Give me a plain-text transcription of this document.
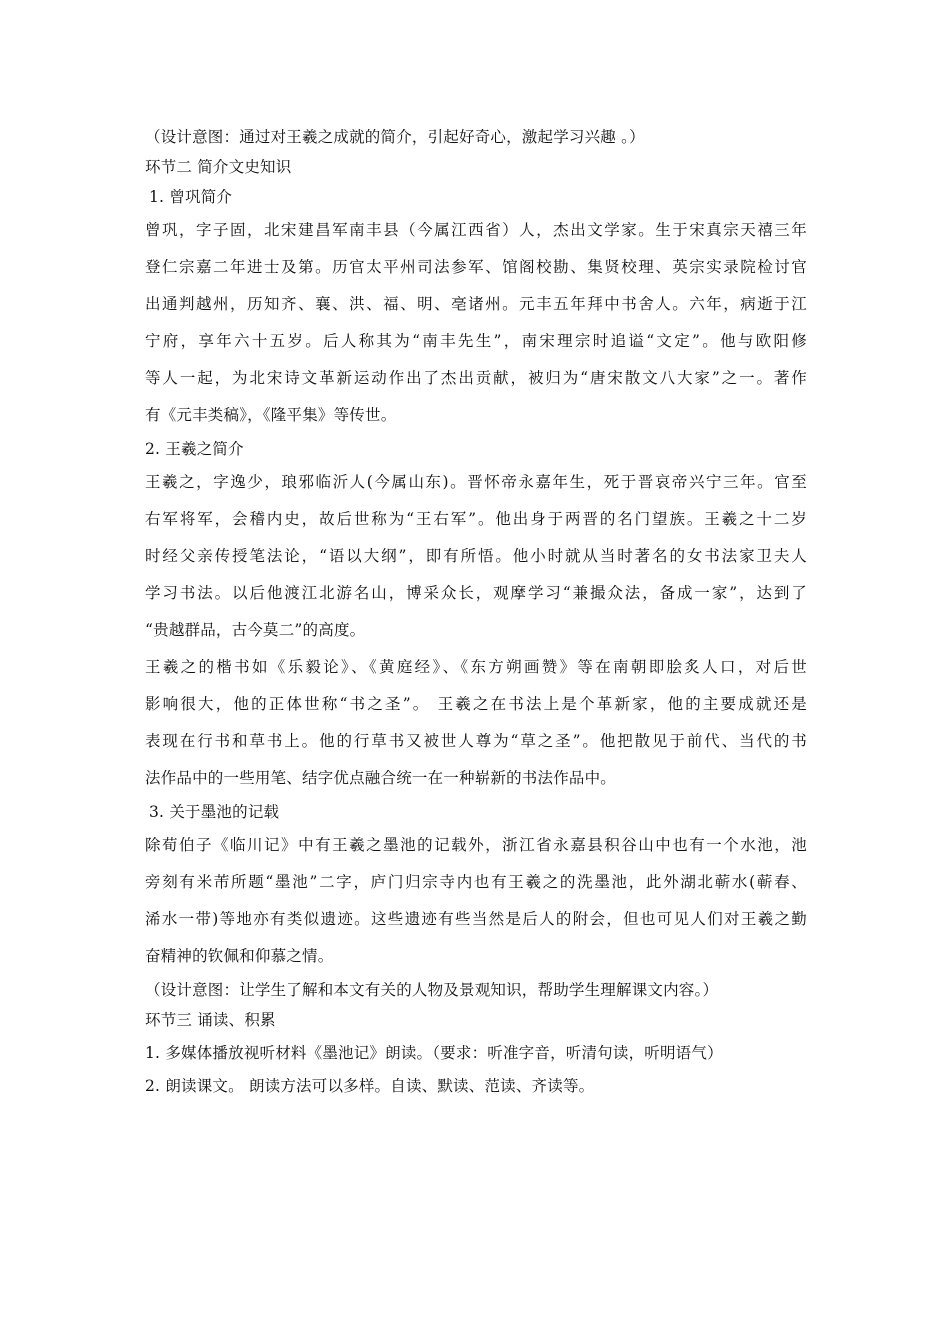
（设计意图：通过对王羲之成就的简介，引起好奇心，激起学习兴趣 。）
环节二 简介文史知识
1. 曾巩简介
曾巩，字子固，北宋建昌军南丰县（今属江西省）人，杰出文学家。生于宋真宗天禧三年
登仁宗嘉二年进士及第。历官太平州司法参军、馆阁校勘、集贤校理、英宗实录院检讨官
出通判越州，历知齐、襄、洪、福、明、亳诸州。元丰五年拜中书舍人。六年，病逝于江
宁府，享年六十五岁。后人称其为“南丰先生”，南宋理宗时追谥“文定”。他与欧阳修
等人一起，为北宋诗文革新运动作出了杰出贡献，被归为“唐宋散文八大家”之一。著作
有《元丰类稿》，《隆平集》等传世。
2. 王羲之简介
王羲之，字逸少，琅邪临沂人(今属山东)。晋怀帝永嘉年生，死于晋哀帝兴宁三年。官至
右军将军，会稽内史，故后世称为“王右军”。他出身于两晋的名门望族。王羲之十二岁
时经父亲传授笔法论，“语以大纲”，即有所悟。他小时就从当时著名的女书法家卫夫人
学习书法。以后他渡江北游名山，博采众长，观摩学习“兼撮众法，备成一家”，达到了
“贵越群品，古今莫二”的高度。
王羲之的楷书如《乐毅论》、《黄庭经》、《东方朔画赞》等在南朝即脍炙人口，对后世
影响很大，他的正体世称“书之圣”。 王羲之在书法上是个革新家，他的主要成就还是
表现在行书和草书上。他的行草书又被世人尊为“草之圣”。他把散见于前代、当代的书
法作品中的一些用笔、结字优点融合统一在一种崭新的书法作品中。
3. 关于墨池的记载
除荀伯子《临川记》中有王羲之墨池的记载外，浙江省永嘉县积谷山中也有一个水池，池
旁刻有米芾所题“墨池”二字，庐门归宗寺内也有王羲之的洗墨池，此外湖北蕲水(蕲春、
浠水一带)等地亦有类似遗迹。这些遗迹有些当然是后人的附会，但也可见人们对王羲之勤
奋精神的钦佩和仰慕之情。
（设计意图：让学生了解和本文有关的人物及景观知识，帮助学生理解课文内容。）
环节三 诵读、积累
1. 多媒体播放视听材料《墨池记》朗读。（要求：听准字音，听清句读，听明语气）
2. 朗读课文。 朗读方法可以多样。自读、默读、范读、齐读等。
